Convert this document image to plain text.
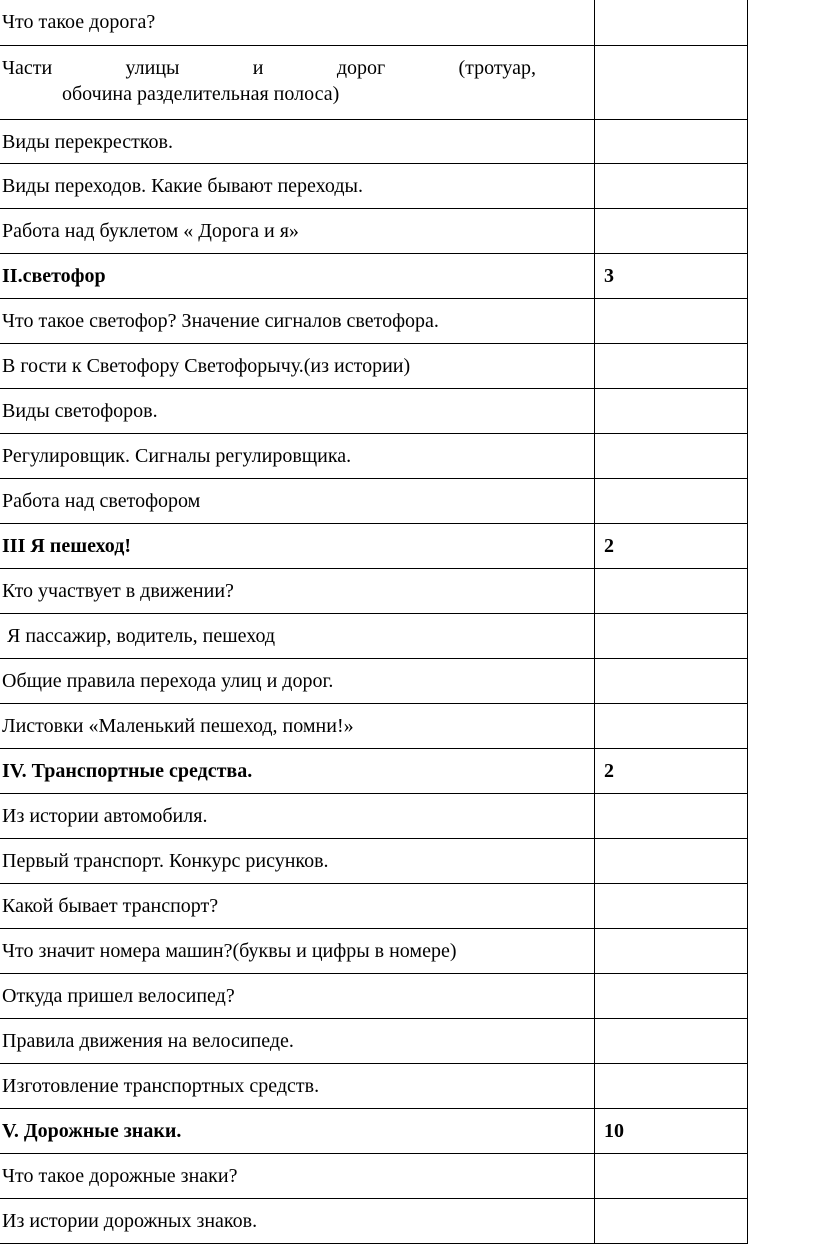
Что такое дорога?	

Части улицы и дорог (тротуар,
обочина разделительная полоса)	

Виды перекрестков.	
Виды переходов. Какие бывают переходы.	
Работа над буклетом « Дорога и я»	
II.светофор	3
Что такое светофор? Значение сигналов светофора.	
В гости к Светофору Светофорычу.(из истории)	
Виды светофоров.	
Регулировщик. Сигналы регулировщика.	
Работа над светофором	
III Я пешеход!	2
Кто участвует в движении?	
Я пассажир, водитель, пешеход	
Общие правила перехода улиц и дорог.	
Листовки «Маленький пешеход, помни!»	
IV. Транспортные средства.	2
Из истории автомобиля.	
Первый транспорт. Конкурс рисунков.	
Какой бывает транспорт?	
Что значит номера машин?(буквы и цифры в номере)	
Откуда пришел велосипед?	
Правила движения на велосипеде.	
Изготовление транспортных средств.	
V. Дорожные знаки.	10
Что такое дорожные знаки?	
Из истории дорожных знаков.	
